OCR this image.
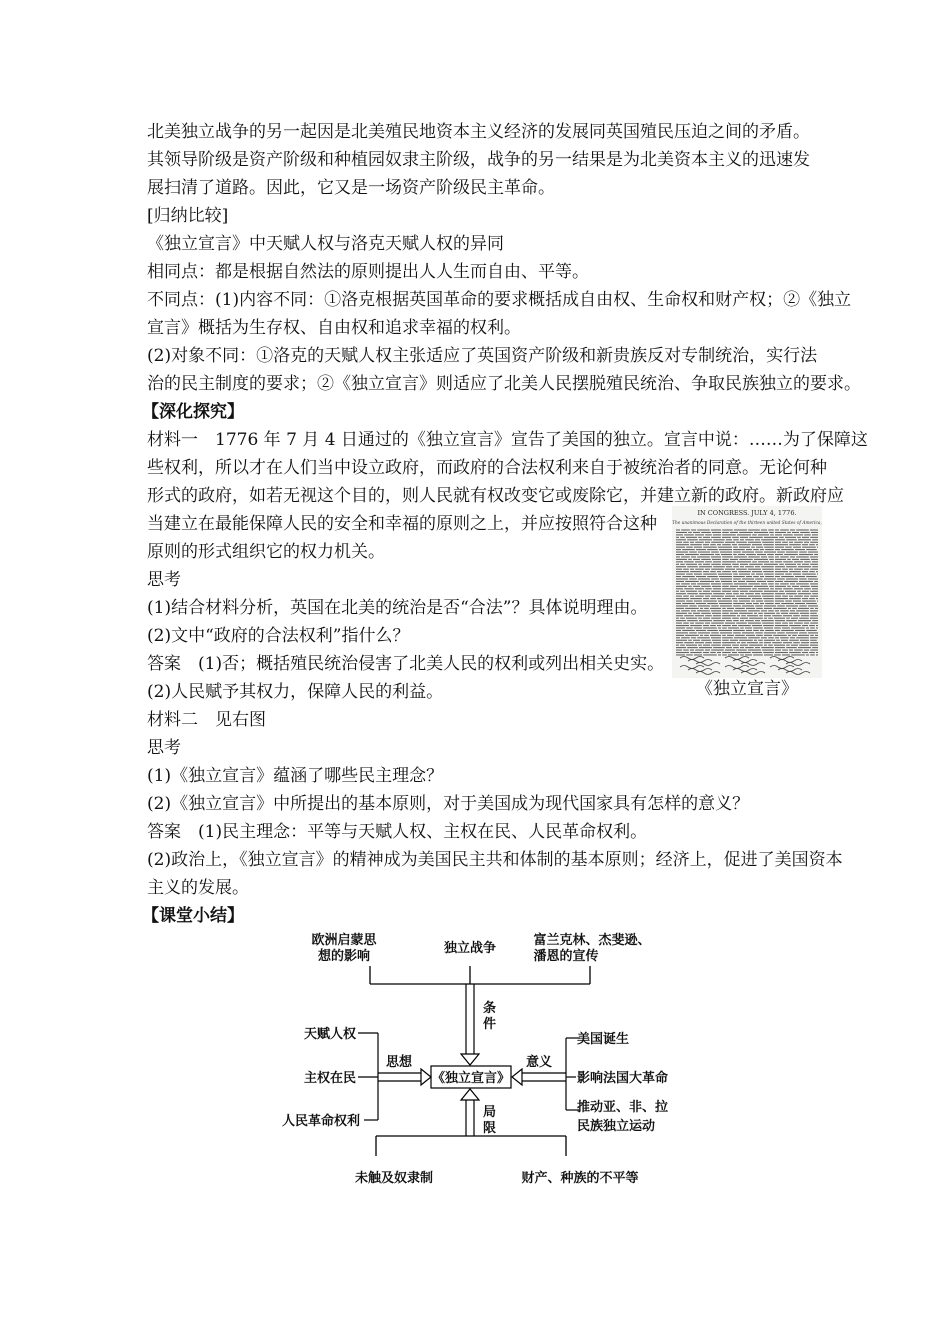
北美独立战争的另一起因是北美殖民地资本主义经济的发展同英国殖民压迫之间的矛盾。
其领导阶级是资产阶级和种植园奴隶主阶级，战争的另一结果是为北美资本主义的迅速发
展扫清了道路。因此，它又是一场资产阶级民主革命。
[归纳比较]
《独立宣言》中天赋人权与洛克天赋人权的异同
相同点：都是根据自然法的原则提出人人生而自由、平等。
不同点：(1)内容不同：①洛克根据英国革命的要求概括成自由权、生命权和财产权；②《独立
宣言》概括为生存权、自由权和追求幸福的权利。
(2)对象不同：①洛克的天赋人权主张适应了英国资产阶级和新贵族反对专制统治，实行法
治的民主制度的要求；②《独立宣言》则适应了北美人民摆脱殖民统治、争取民族独立的要求。
【深化探究】
材料一　1776 年 7 月 4 日通过的《独立宣言》宣告了美国的独立。宣言中说：……为了保障这
些权利，所以才在人们当中设立政府，而政府的合法权利来自于被统治者的同意。无论何种
形式的政府，如若无视这个目的，则人民就有权改变它或废除它，并建立新的政府。新政府应
当建立在最能保障人民的安全和幸福的原则之上，并应按照符合这种
原则的形式组织它的权力机关。
思考
(1)结合材料分析，英国在北美的统治是否“合法”？具体说明理由。
(2)文中“政府的合法权利”指什么？
答案　(1)否；概括殖民统治侵害了北美人民的权利或列出相关史实。
(2)人民赋予其权力，保障人民的利益。
材料二　见右图
思考
(1)《独立宣言》蕴涵了哪些民主理念？
(2)《独立宣言》中所提出的基本原则，对于美国成为现代国家具有怎样的意义？
答案　(1)民主理念：平等与天赋人权、主权在民、人民革命权利。
(2)政治上，《独立宣言》的精神成为美国民主共和体制的基本原则；经济上，促进了美国资本
主义的发展。
【课堂小结】
IN CONGRESS. JULY 4, 1776.
The unanimous Declaration of the thirteen united States of America,
《独立宣言》
《独立宣言》
欧洲启蒙思
想的影响
独立战争
富兰克林、杰斐逊、
潘恩的宣传
条
件
思想	意义
局
限
天赋人权
主权在民
人民革命权利
美国诞生
影响法国大革命
推动亚、非、拉
民族独立运动
未触及奴隶制	财产、种族的不平等
